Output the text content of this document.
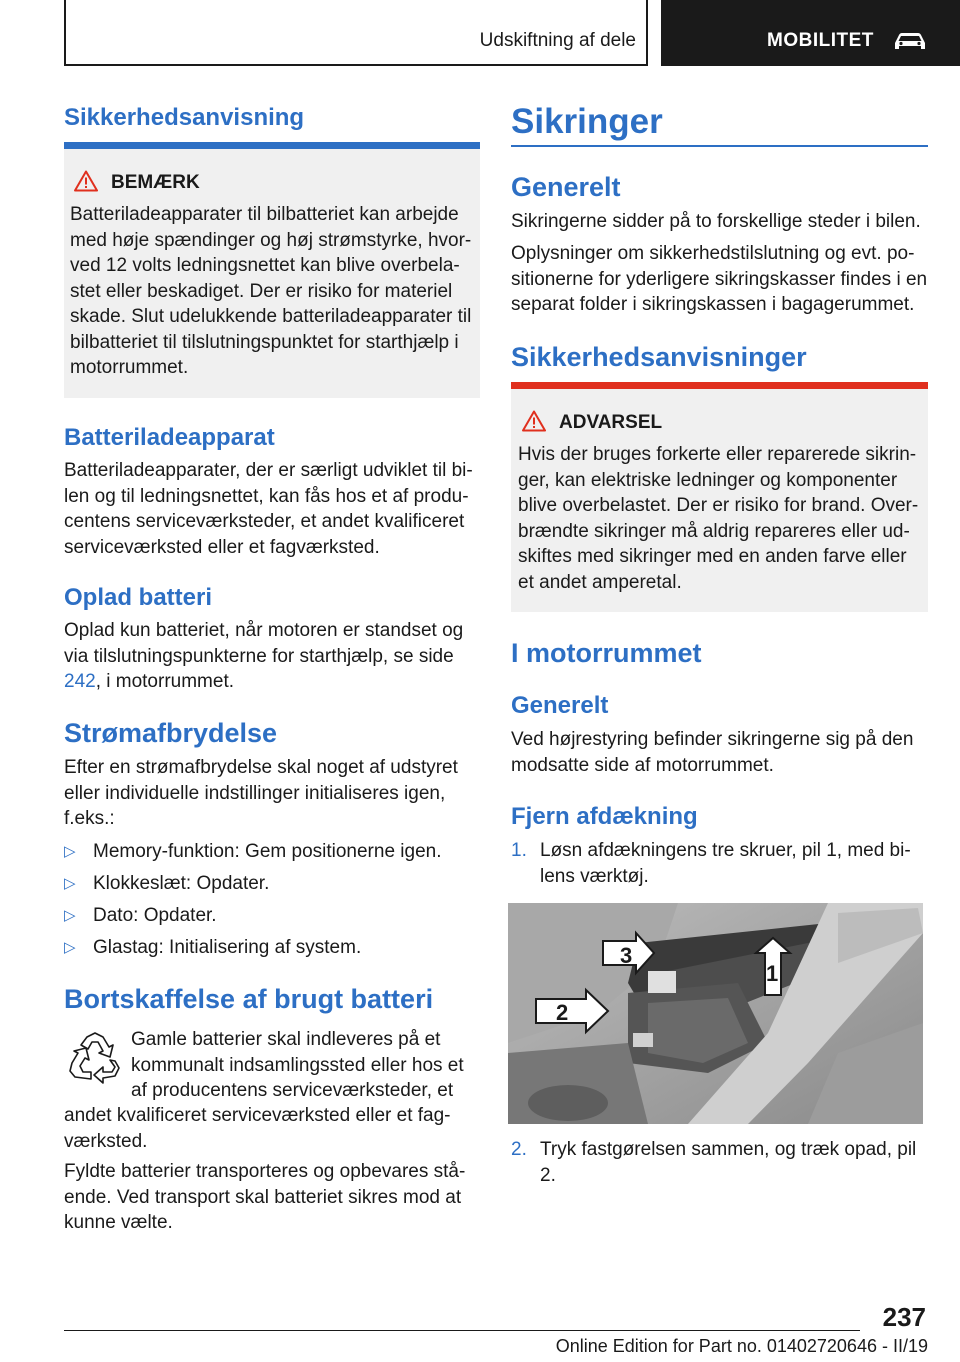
Udskiftning af dele	MOBILITET
Sikkerhedsanvisning
BEMÆRK

Batteriladeapparater til bilbatteriet kan arbejde med høje spændinger og høj strømstyrke, hvor-ved 12 volts ledningsnettet kan blive overbela-stet eller beskadiget. Der er risiko for materiel skade. Slut udelukkende batteriladeapparater til bilbatteriet til tilslutningspunktet for starthjælp i motorrummet.

Batteriladeapparat

Batteriladeapparater, der er særligt udviklet til bi-len og til ledningsnettet, kan fås hos et af produ-centens serviceværksteder, et andet kvalificeret serviceværksted eller et fagværksted.

Oplad batteri

Oplad kun batteriet, når motoren er standset og via tilslutningspunkterne for starthjælp, se side 242, i motorrummet.

Strømafbrydelse

Efter en strømafbrydelse skal noget af udstyret eller individuelle indstillinger initialiseres igen, f.eks.:

▷ Memory-funktion: Gem positionerne igen.
▷ Klokkeslæt: Opdater.
▷ Dato: Opdater.
▷ Glastag: Initialisering af system.
Bortskaffelse af brugt batteri

Gamle batterier skal indleveres på et kommunalt indsamlingssted eller hos et af producentens serviceværksteder, et

andet kvalificeret serviceværksted eller et fag-værksted.

Fyldte batterier transporteres og opbevares stå-ende. Ved transport skal batteriet sikres mod at kunne vælte.

Sikringer
Generelt

Sikringerne sidder på to forskellige steder i bilen.

Oplysninger om sikkerhedstilslutning og evt. po-sitionerne for yderligere sikringskasser findes i en separat folder i sikringskassen i bagagerummet.

Sikkerhedsanvisninger
ADVARSEL

Hvis der bruges forkerte eller reparerede sikrin-ger, kan elektriske ledninger og komponenter blive overbelastet. Der er risiko for brand. Over-brændte sikringer må aldrig repareres eller ud-skiftes med sikringer med en anden farve eller et andet amperetal.

I motorrummet
Generelt

Ved højrestyring befinder sikringerne sig på den modsatte side af motorrummet.

Fjern afdækning
1. Løsn afdækningens tre skruer, pil 1, med bi-lens værktøj.
3
1
2
2. Tryk fastgørelsen sammen, og træk opad, pil 2.
237
Online Edition for Part no. 01402720646 - II/19
